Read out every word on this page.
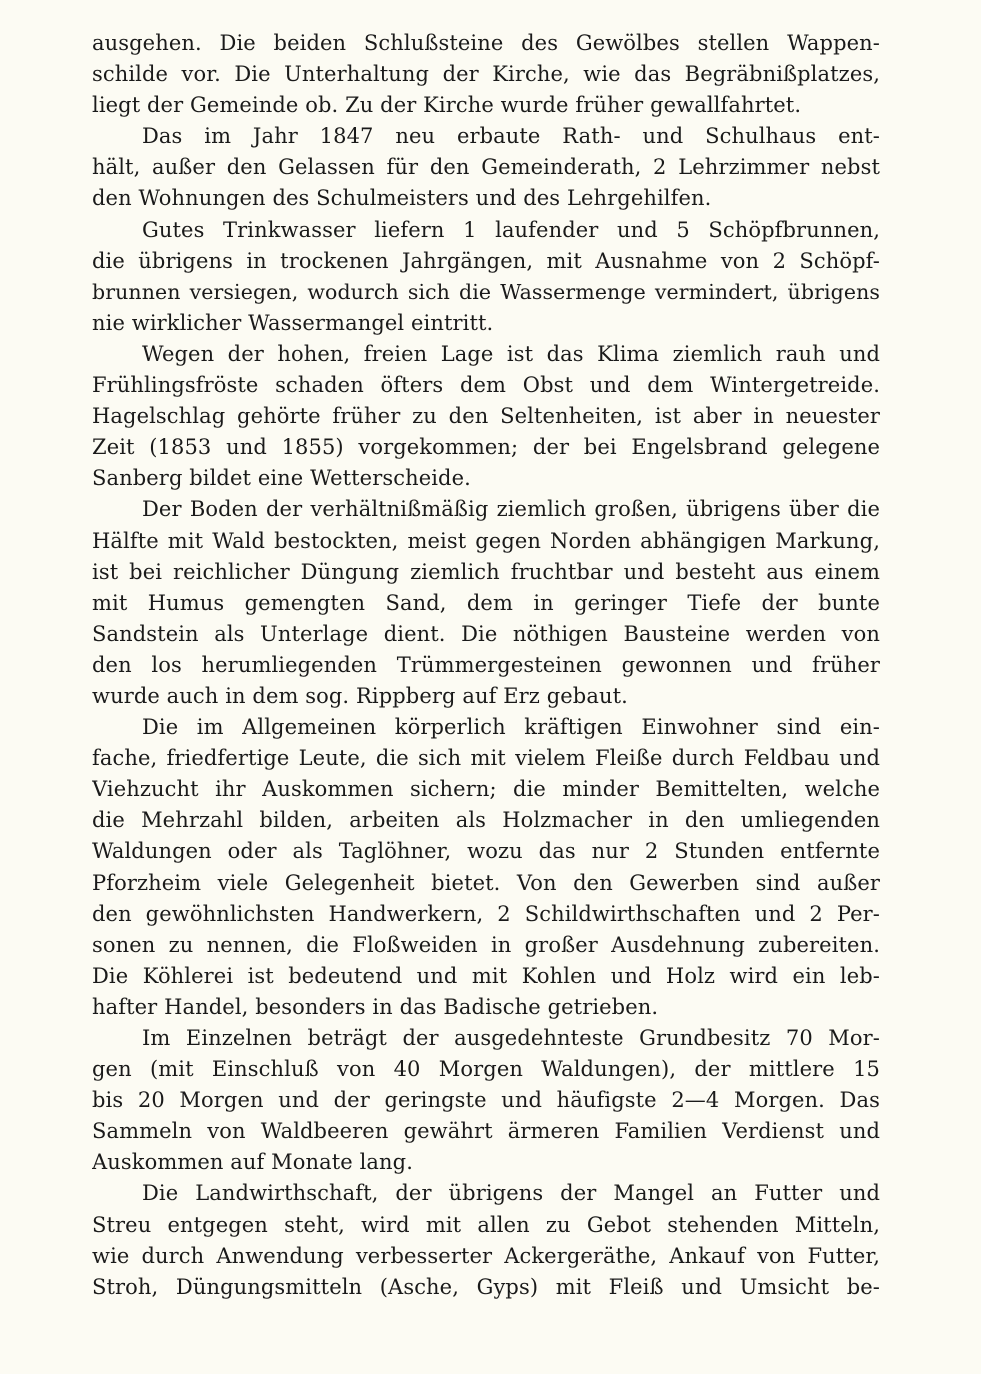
ausgehen. Die beiden Schlußsteine des Gewölbes stellen Wappen-
schilde vor. Die Unterhaltung der Kirche, wie das Begräbnißplatzes,
liegt der Gemeinde ob. Zu der Kirche wurde früher gewallfahrtet.
Das im Jahr 1847 neu erbaute Rath- und Schulhaus ent-
hält, außer den Gelassen für den Gemeinderath, 2 Lehrzimmer nebst
den Wohnungen des Schulmeisters und des Lehrgehilfen.
Gutes Trinkwasser liefern 1 laufender und 5 Schöpfbrunnen,
die übrigens in trockenen Jahrgängen, mit Ausnahme von 2 Schöpf-
brunnen versiegen, wodurch sich die Wassermenge vermindert, übrigens
nie wirklicher Wassermangel eintritt.
Wegen der hohen, freien Lage ist das Klima ziemlich rauh und
Frühlingsfröste schaden öfters dem Obst und dem Wintergetreide.
Hagelschlag gehörte früher zu den Seltenheiten, ist aber in neuester
Zeit (1853 und 1855) vorgekommen; der bei Engelsbrand gelegene
Sanberg bildet eine Wetterscheide.
Der Boden der verhältnißmäßig ziemlich großen, übrigens über die
Hälfte mit Wald bestockten, meist gegen Norden abhängigen Markung,
ist bei reichlicher Düngung ziemlich fruchtbar und besteht aus einem
mit Humus gemengten Sand, dem in geringer Tiefe der bunte
Sandstein als Unterlage dient. Die nöthigen Bausteine werden von
den los herumliegenden Trümmergesteinen gewonnen und früher
wurde auch in dem sog. Rippberg auf Erz gebaut.
Die im Allgemeinen körperlich kräftigen Einwohner sind ein-
fache, friedfertige Leute, die sich mit vielem Fleiße durch Feldbau und
Viehzucht ihr Auskommen sichern; die minder Bemittelten, welche
die Mehrzahl bilden, arbeiten als Holzmacher in den umliegenden
Waldungen oder als Taglöhner, wozu das nur 2 Stunden entfernte
Pforzheim viele Gelegenheit bietet. Von den Gewerben sind außer
den gewöhnlichsten Handwerkern, 2 Schildwirthschaften und 2 Per-
sonen zu nennen, die Floßweiden in großer Ausdehnung zubereiten.
Die Köhlerei ist bedeutend und mit Kohlen und Holz wird ein leb-
hafter Handel, besonders in das Badische getrieben.
Im Einzelnen beträgt der ausgedehnteste Grundbesitz 70 Mor-
gen (mit Einschluß von 40 Morgen Waldungen), der mittlere 15
bis 20 Morgen und der geringste und häufigste 2—4 Morgen. Das
Sammeln von Waldbeeren gewährt ärmeren Familien Verdienst und
Auskommen auf Monate lang.
Die Landwirthschaft, der übrigens der Mangel an Futter und
Streu entgegen steht, wird mit allen zu Gebot stehenden Mitteln,
wie durch Anwendung verbesserter Ackergeräthe, Ankauf von Futter,
Stroh, Düngungsmitteln (Asche, Gyps) mit Fleiß und Umsicht be-
